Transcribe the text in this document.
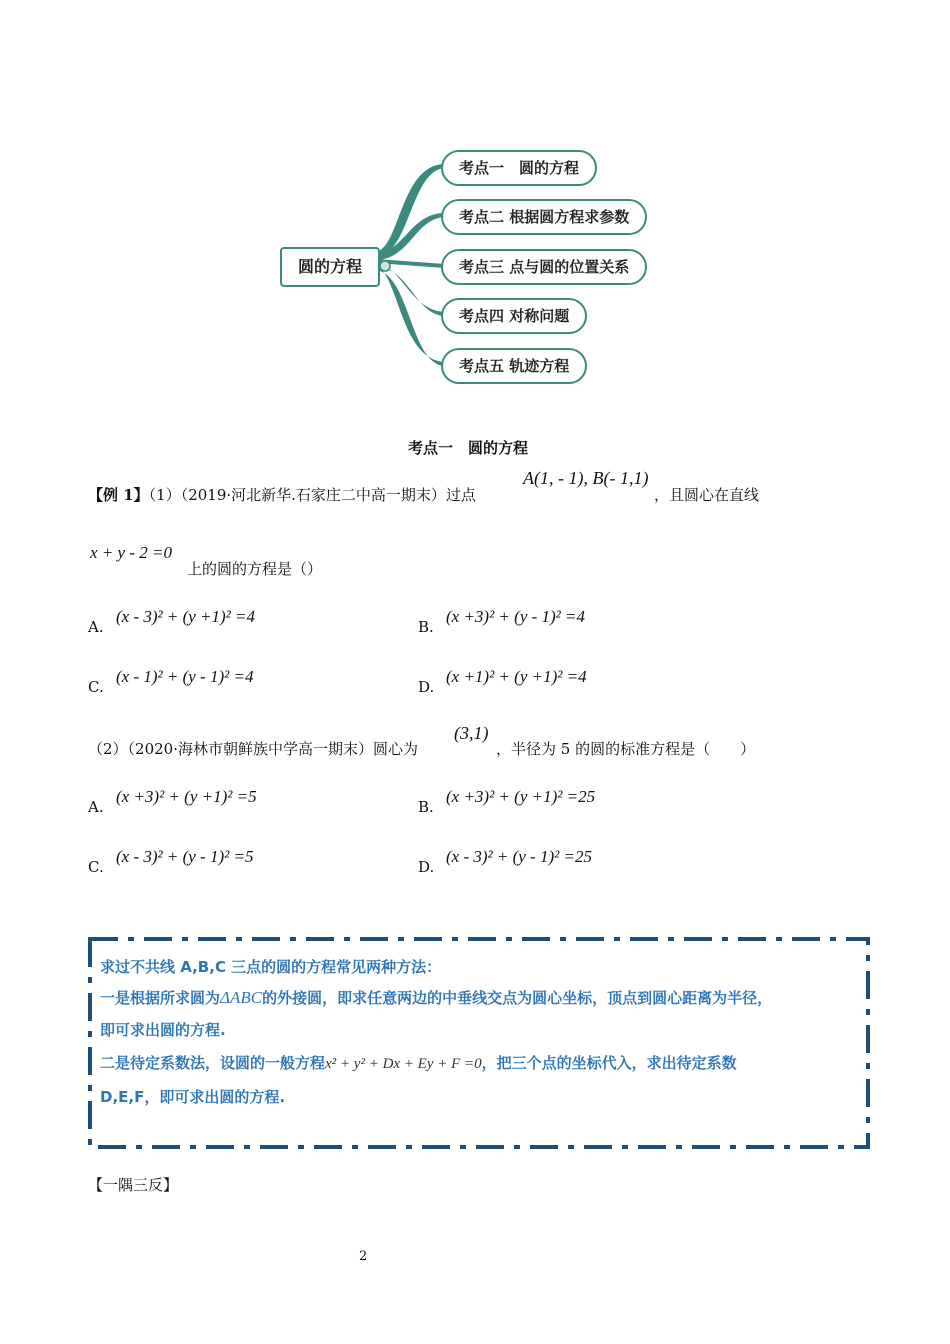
圆的方程
考点一　圆的方程
考点二 根据圆方程求参数
考点三 点与圆的位置关系
考点四 对称问题
考点五 轨迹方程
考点一　圆的方程
【例 1】（1）（2019·河北新华.石家庄二中高一期末）过点
A(1, - 1), B(- 1,1)
，且圆心在直线
x + y - 2 =0
上的圆的方程是（）
A.
(x - 3)² + (y +1)² =4
B.
(x +3)² + (y - 1)² =4
C.
(x - 1)² + (y - 1)² =4
D.
(x +1)² + (y +1)² =4
（2）（2020·海林市朝鲜族中学高一期末）圆心为
(3,1)
，半径为 5 的圆的标准方程是（　　）
A.
(x +3)² + (y +1)² =5
B.
(x +3)² + (y +1)² =25
C.
(x - 3)² + (y - 1)² =5
D.
(x - 3)² + (y - 1)² =25
求过不共线 A,B,C 三点的圆的方程常见两种方法：
一是根据所求圆为ΔABC的外接圆，即求任意两边的中垂线交点为圆心坐标，顶点到圆心距离为半径，
即可求出圆的方程.
二是待定系数法，设圆的一般方程x² + y² + Dx + Ey + F =0，把三个点的坐标代入，求出待定系数
D,E,F，即可求出圆的方程.
【一隅三反】
2
